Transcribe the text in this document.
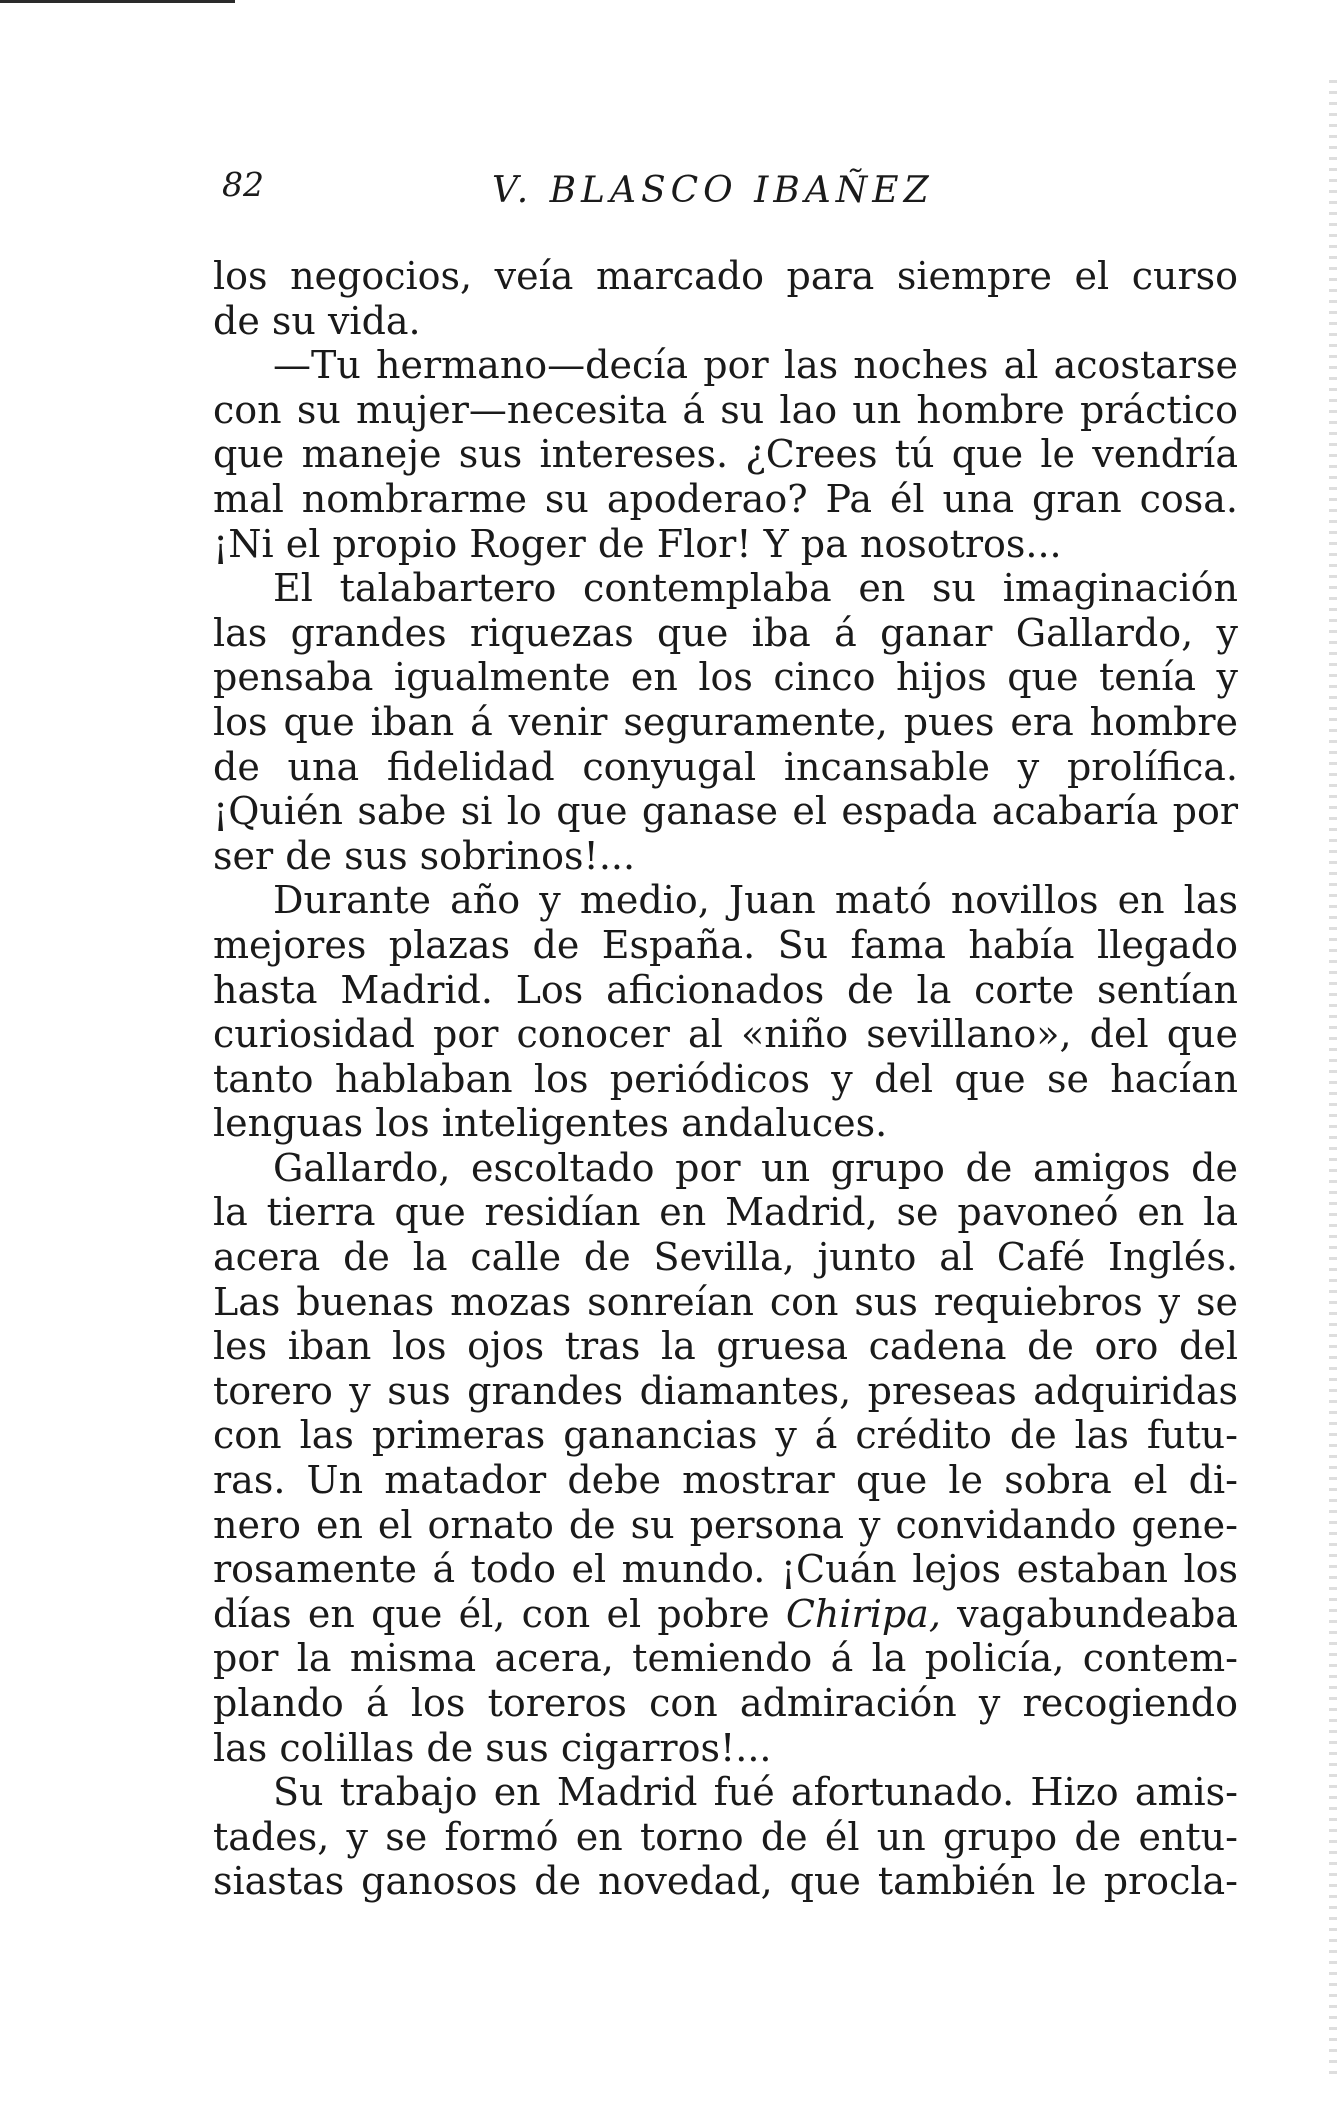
82	V. BLASCO IBAÑEZ
los negocios, veía marcado para siempre el curso
de su vida.
—Tu hermano—decía por las noches al acostarse
con su mujer—necesita á su lao un hombre práctico
que maneje sus intereses. ¿Crees tú que le vendría
mal nombrarme su apoderao? Pa él una gran cosa.
¡Ni el propio Roger de Flor! Y pa nosotros...
El talabartero contemplaba en su imaginación
las grandes riquezas que iba á ganar Gallardo, y
pensaba igualmente en los cinco hijos que tenía y
los que iban á venir seguramente, pues era hombre
de una fidelidad conyugal incansable y prolífica.
¡Quién sabe si lo que ganase el espada acabaría por
ser de sus sobrinos!...
Durante año y medio, Juan mató novillos en las
mejores plazas de España. Su fama había llegado
hasta Madrid. Los aficionados de la corte sentían
curiosidad por conocer al «niño sevillano», del que
tanto hablaban los periódicos y del que se hacían
lenguas los inteligentes andaluces.
Gallardo, escoltado por un grupo de amigos de
la tierra que residían en Madrid, se pavoneó en la
acera de la calle de Sevilla, junto al Café Inglés.
Las buenas mozas sonreían con sus requiebros y se
les iban los ojos tras la gruesa cadena de oro del
torero y sus grandes diamantes, preseas adquiridas
con las primeras ganancias y á crédito de las futu-
ras. Un matador debe mostrar que le sobra el di-
nero en el ornato de su persona y convidando gene-
rosamente á todo el mundo. ¡Cuán lejos estaban los
días en que él, con el pobre Chiripa, vagabundeaba
por la misma acera, temiendo á la policía, contem-
plando á los toreros con admiración y recogiendo
las colillas de sus cigarros!...
Su trabajo en Madrid fué afortunado. Hizo amis-
tades, y se formó en torno de él un grupo de entu-
siastas ganosos de novedad, que también le procla-
